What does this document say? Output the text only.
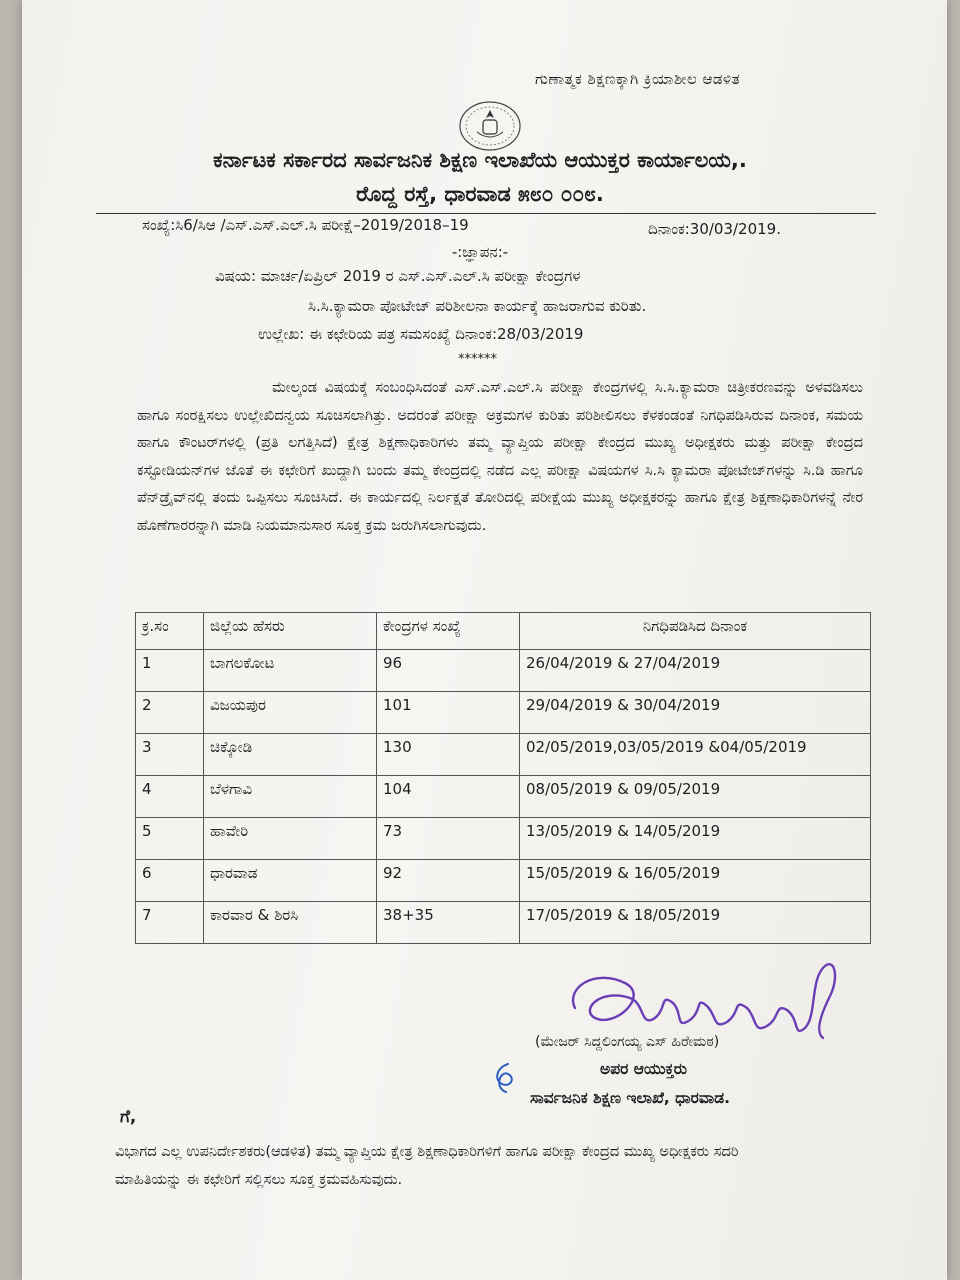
ಗುಣಾತ್ಮಕ ಶಿಕ್ಷಣಕ್ಕಾಗಿ ಕ್ರಿಯಾಶೀಲ ಆಡಳಿತ
ಕರ್ನಾಟಕ ಸರ್ಕಾರದ ಸಾರ್ವಜನಿಕ ಶಿಕ್ಷಣ ಇಲಾಖೆಯ ಆಯುಕ್ತರ ಕಾರ್ಯಾಲಯ,.
ರೊದ್ದ ರಸ್ತೆ, ಧಾರವಾಡ ೫೮೦ ೦೦೮.
ಸಂಖ್ಯೆ:ಸಿ6/ಸಿಆ /ಎಸ್.ಎಸ್.ಎಲ್.ಸಿ ಪರೀಕ್ಷೆ–2019/2018–19	ದಿನಾಂಕ:30/03/2019.
-:ಜ್ಞಾಪನ:-
ವಿಷಯ: ಮಾರ್ಚ/ಏಪ್ರಿಲ್ 2019 ರ ಎಸ್.ಎಸ್.ಎಲ್.ಸಿ ಪರೀಕ್ಷಾ ಕೇಂದ್ರಗಳ
ಸಿ.ಸಿ.ಕ್ಯಾಮರಾ ಪೋಟೇಜ್ ಪರಿಶೀಲನಾ ಕಾರ್ಯಕ್ಕೆ ಹಾಜರಾಗುವ ಕುರಿತು.
ಉಲ್ಲೇಖ: ಈ ಕಛೇರಿಯ ಪತ್ರ ಸಮಸಂಖ್ಯೆ ದಿನಾಂಕ:28/03/2019
******
ಮೇಲ್ಕಂಡ ವಿಷಯಕ್ಕೆ ಸಂಬಂಧಿಸಿದಂತೆ ಎಸ್.ಎಸ್.ಎಲ್.ಸಿ ಪರೀಕ್ಷಾ ಕೇಂದ್ರಗಳಲ್ಲಿ ಸಿ.ಸಿ.ಕ್ಯಾಮರಾ ಚಿತ್ರೀಕರಣವನ್ನು ಅಳವಡಿಸಲು ಹಾಗೂ ಸಂರಕ್ಷಿಸಲು ಉಲ್ಲೇಖಿದನ್ವಯ ಸೂಚಿಸಲಾಗಿತ್ತು. ಅದರಂತೆ ಪರೀಕ್ಷಾ ಅಕ್ರಮಗಳ ಕುರಿತು ಪರಿಶೀಲಿಸಲು ಕೆಳಕಂಡಂತೆ ನಿಗಧಿಪಡಿಸಿರುವ ದಿನಾಂಕ, ಸಮಯ ಹಾಗೂ ಕೌಂಟರ್‌ಗಳಲ್ಲಿ (ಪ್ರತಿ ಲಗತ್ತಿಸಿದೆ) ಕ್ಷೇತ್ರ ಶಿಕ್ಷಣಾಧಿಕಾರಿಗಳು ತಮ್ಮ ವ್ಯಾಪ್ತಿಯ ಪರೀಕ್ಷಾ ಕೇಂದ್ರದ ಮುಖ್ಯ ಅಧೀಕ್ಷಕರು ಮತ್ತು ಪರೀಕ್ಷಾ ಕೇಂದ್ರದ ಕಸ್ಟೋಡಿಯನ್‌ಗಳ ಜೊತೆ ಈ ಕಛೇರಿಗೆ ಖುದ್ದಾಗಿ ಬಂದು ತಮ್ಮ ಕೇಂದ್ರದಲ್ಲಿ ನಡೆದ ಎಲ್ಲ ಪರೀಕ್ಷಾ ವಿಷಯಗಳ ಸಿ.ಸಿ ಕ್ಯಾಮರಾ ಪೋಟೇಜ್‌ಗಳನ್ನು ಸಿ.ಡಿ ಹಾಗೂ ಪೆನ್‌ಡ್ರೈವ್‌ನಲ್ಲಿ ತಂದು ಒಪ್ಪಿಸಲು ಸೂಚಿಸಿದೆ. ಈ ಕಾರ್ಯದಲ್ಲಿ ನಿರ್ಲಕ್ಷತೆ ತೋರಿದಲ್ಲಿ ಪರೀಕ್ಷೆಯ ಮುಖ್ಯ ಅಧೀಕ್ಷಕರನ್ನು ಹಾಗೂ ಕ್ಷೇತ್ರ ಶಿಕ್ಷಣಾಧಿಕಾರಿಗಳನ್ನೆ ನೇರ ಹೊಣೆಗಾರರನ್ನಾಗಿ ಮಾಡಿ ನಿಯಮಾನುಸಾರ ಸೂಕ್ತ ಕ್ರಮ ಜರುಗಿಸಲಾಗುವುದು.
ಕ್ರ.ಸಂ	ಜಿಲ್ಲೆಯ ಹೆಸರು	ಕೇಂದ್ರಗಳ ಸಂಖ್ಯೆ	ನಿಗಧಿಪಡಿಸಿದ ದಿನಾಂಕ
1	ಬಾಗಲಕೋಟ	96	26/04/2019 & 27/04/2019
2	ವಿಜಯಪುರ	101	29/04/2019 & 30/04/2019
3	ಚಿಕ್ಕೋಡಿ	130	02/05/2019,03/05/2019 &04/05/2019
4	ಬೆಳಗಾವಿ	104	08/05/2019 & 09/05/2019
5	ಹಾವೇರಿ	73	13/05/2019 & 14/05/2019
6	ಧಾರವಾಡ	92	15/05/2019 & 16/05/2019
7	ಕಾರವಾರ & ಶಿರಸಿ	38+35	17/05/2019 & 18/05/2019
(ಮೇಜರ್ ಸಿದ್ದಲಿಂಗಯ್ಯ ಎಸ್ ಹಿರೇಮಠ)
ಅಪರ ಆಯುಕ್ತರು
ಸಾರ್ವಜನಿಕ ಶಿಕ್ಷಣ ಇಲಾಖೆ, ಧಾರವಾಡ.
ಗೆ,
ವಿಭಾಗದ ಎಲ್ಲ ಉಪನಿರ್ದೇಶಕರು(ಆಡಳಿತ) ತಮ್ಮ ವ್ಯಾಪ್ತಿಯ ಕ್ಷೇತ್ರ ಶಿಕ್ಷಣಾಧಿಕಾರಿಗಳಿಗೆ ಹಾಗೂ ಪರೀಕ್ಷಾ ಕೇಂದ್ರದ ಮುಖ್ಯ ಅಧೀಕ್ಷಕರು ಸದರಿ ಮಾಹಿತಿಯನ್ನು ಈ ಕಛೇರಿಗೆ ಸಲ್ಲಿಸಲು ಸೂಕ್ತ ಕ್ರಮವಹಿಸುವುದು.
